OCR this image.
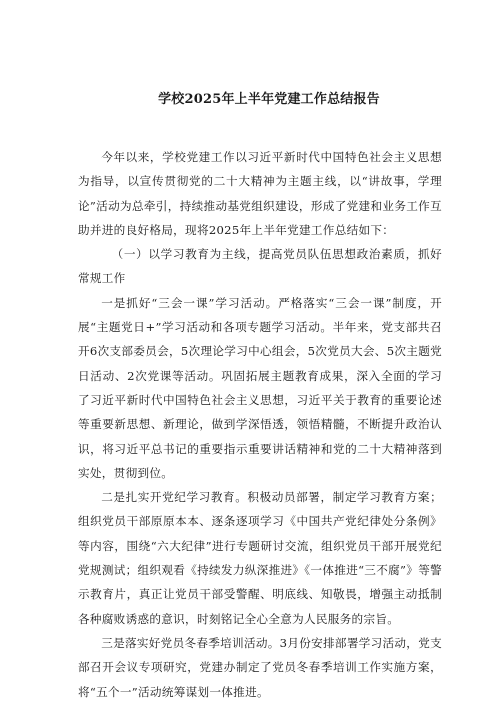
学校2025年上半年党建工作总结报告

今年以来，学校党建工作以习近平新时代中国特色社会主义思想为指导，以宣传贯彻党的二十大精神为主题主线，以“讲故事，学理论”活动为总牵引，持续推动基党组织建设，形成了党建和业务工作互助并进的良好格局，现将2025年上半年党建工作总结如下：

（一）以学习教育为主线，提高党员队伍思想政治素质，抓好常规工作

一是抓好“三会一课”学习活动。严格落实“三会一课”制度，开展“主题党日+”学习活动和各项专题学习活动。半年来，党支部共召开6次支部委员会，5次理论学习中心组会，5次党员大会、5次主题党日活动、2次党课等活动。巩固拓展主题教育成果，深入全面的学习了习近平新时代中国特色社会主义思想，习近平关于教育的重要论述等重要新思想、新理论，做到学深悟透，领悟精髓，不断提升政治认识，将习近平总书记的重要指示重要讲话精神和党的二十大精神落到实处，贯彻到位。

二是扎实开党纪学习教育。积极动员部署，制定学习教育方案；组织党员干部原原本本、逐条逐项学习《中国共产党纪律处分条例》等内容，围绕“六大纪律”进行专题研讨交流，组织党员干部开展党纪党规测试；组织观看《持续发力纵深推进》《一体推进“三不腐”》等警示教育片，真正让党员干部受警醒、明底线、知敬畏，增强主动抵制各种腐败诱惑的意识，时刻铭记全心全意为人民服务的宗旨。

三是落实好党员冬春季培训活动。3月份安排部署学习活动，党支部召开会议专项研究，党建办制定了党员冬春季培训工作实施方案，将“五个一”活动统筹谋划一体推进。
